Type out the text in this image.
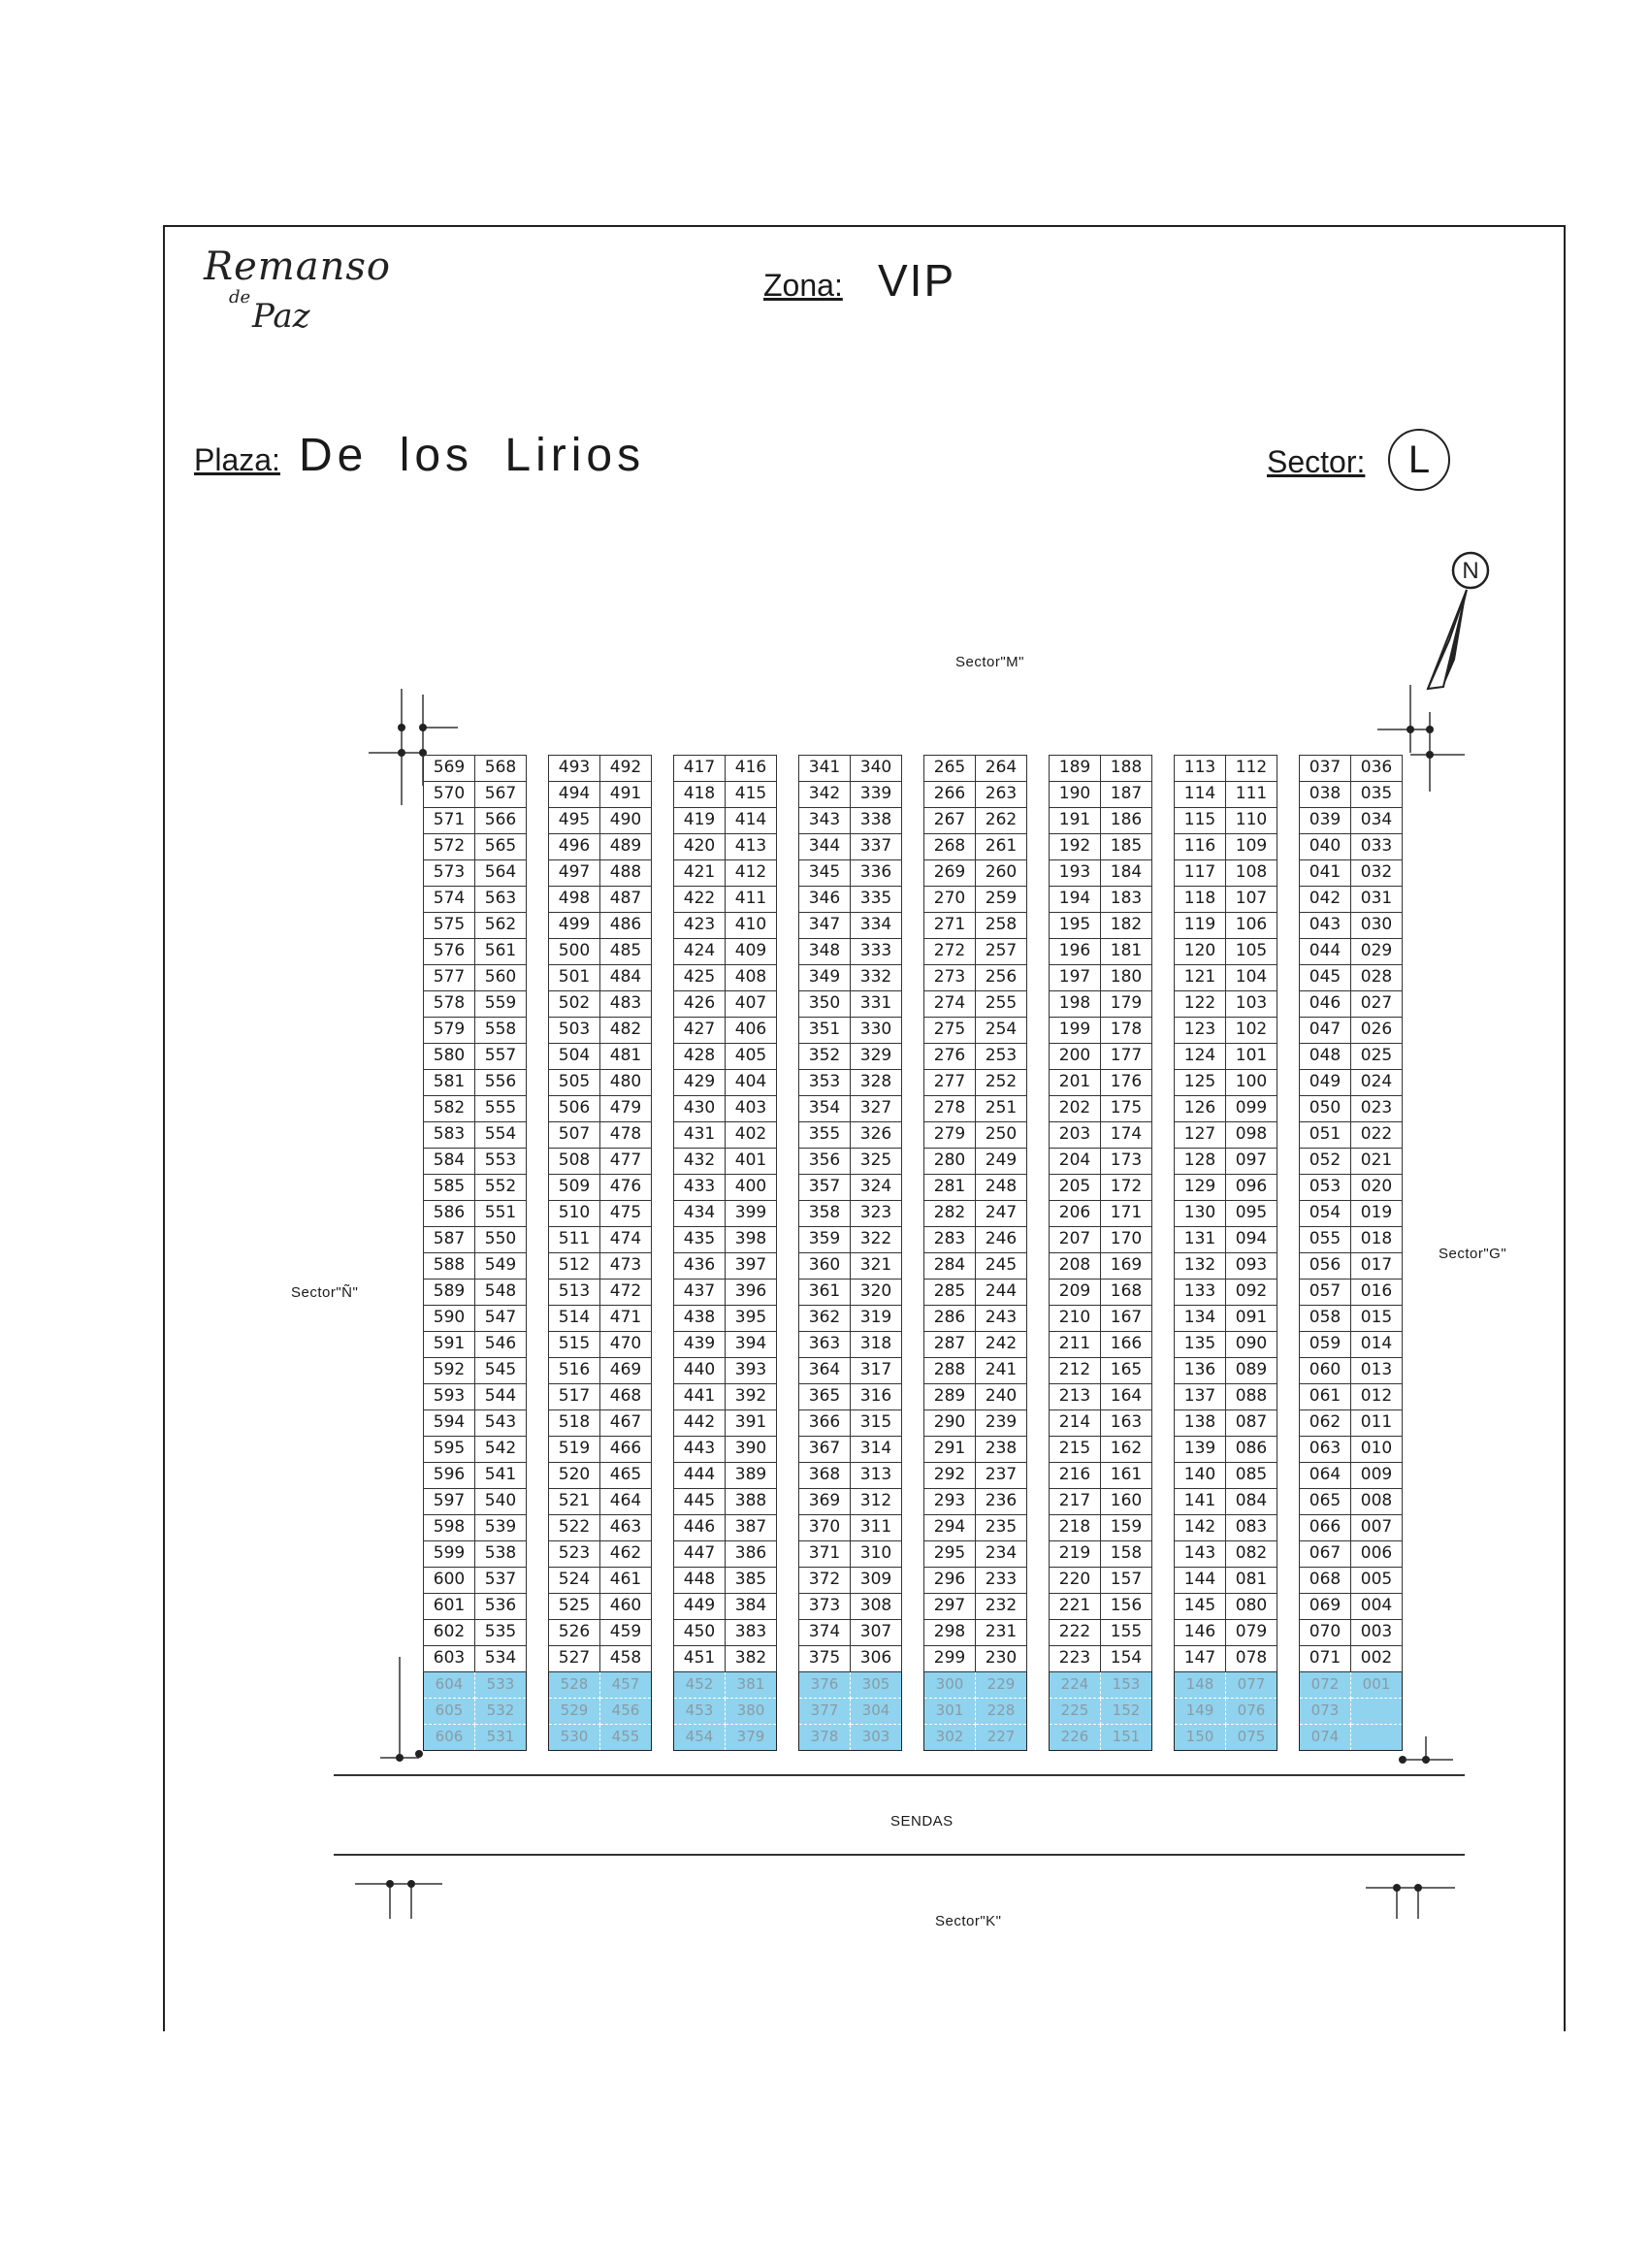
Remanso
de Paz
Zona: VIP
Plaza: De los Lirios	Sector:	L
N
Sector"M"
Sector"Ñ"
Sector"G"
SENDAS
Sector"K"
569	568

570	567

571	566

572	565

573	564

574	563

575	562

576	561

577	560

578	559

579	558

580	557

581	556

582	555

583	554

584	553

585	552

586	551

587	550

588	549

589	548

590	547

591	546

592	545

593	544

594	543

595	542

596	541

597	540

598	539

599	538

600	537

601	536

602	535

603	534

604	533

605	532

606	531
493	492

494	491

495	490

496	489

497	488

498	487

499	486

500	485

501	484

502	483

503	482

504	481

505	480

506	479

507	478

508	477

509	476

510	475

511	474

512	473

513	472

514	471

515	470

516	469

517	468

518	467

519	466

520	465

521	464

522	463

523	462

524	461

525	460

526	459

527	458

528	457

529	456

530	455
417	416

418	415

419	414

420	413

421	412

422	411

423	410

424	409

425	408

426	407

427	406

428	405

429	404

430	403

431	402

432	401

433	400

434	399

435	398

436	397

437	396

438	395

439	394

440	393

441	392

442	391

443	390

444	389

445	388

446	387

447	386

448	385

449	384

450	383

451	382

452	381

453	380

454	379
341	340

342	339

343	338

344	337

345	336

346	335

347	334

348	333

349	332

350	331

351	330

352	329

353	328

354	327

355	326

356	325

357	324

358	323

359	322

360	321

361	320

362	319

363	318

364	317

365	316

366	315

367	314

368	313

369	312

370	311

371	310

372	309

373	308

374	307

375	306

376	305

377	304

378	303
265	264

266	263

267	262

268	261

269	260

270	259

271	258

272	257

273	256

274	255

275	254

276	253

277	252

278	251

279	250

280	249

281	248

282	247

283	246

284	245

285	244

286	243

287	242

288	241

289	240

290	239

291	238

292	237

293	236

294	235

295	234

296	233

297	232

298	231

299	230

300	229

301	228

302	227
189	188

190	187

191	186

192	185

193	184

194	183

195	182

196	181

197	180

198	179

199	178

200	177

201	176

202	175

203	174

204	173

205	172

206	171

207	170

208	169

209	168

210	167

211	166

212	165

213	164

214	163

215	162

216	161

217	160

218	159

219	158

220	157

221	156

222	155

223	154

224	153

225	152

226	151
113	112

114	111

115	110

116	109

117	108

118	107

119	106

120	105

121	104

122	103

123	102

124	101

125	100

126	099

127	098

128	097

129	096

130	095

131	094

132	093

133	092

134	091

135	090

136	089

137	088

138	087

139	086

140	085

141	084

142	083

143	082

144	081

145	080

146	079

147	078

148	077

149	076

150	075
037	036

038	035

039	034

040	033

041	032

042	031

043	030

044	029

045	028

046	027

047	026

048	025

049	024

050	023

051	022

052	021

053	020

054	019

055	018

056	017

057	016

058	015

059	014

060	013

061	012

062	011

063	010

064	009

065	008

066	007

067	006

068	005

069	004

070	003

071	002

072	001

073	

074	
